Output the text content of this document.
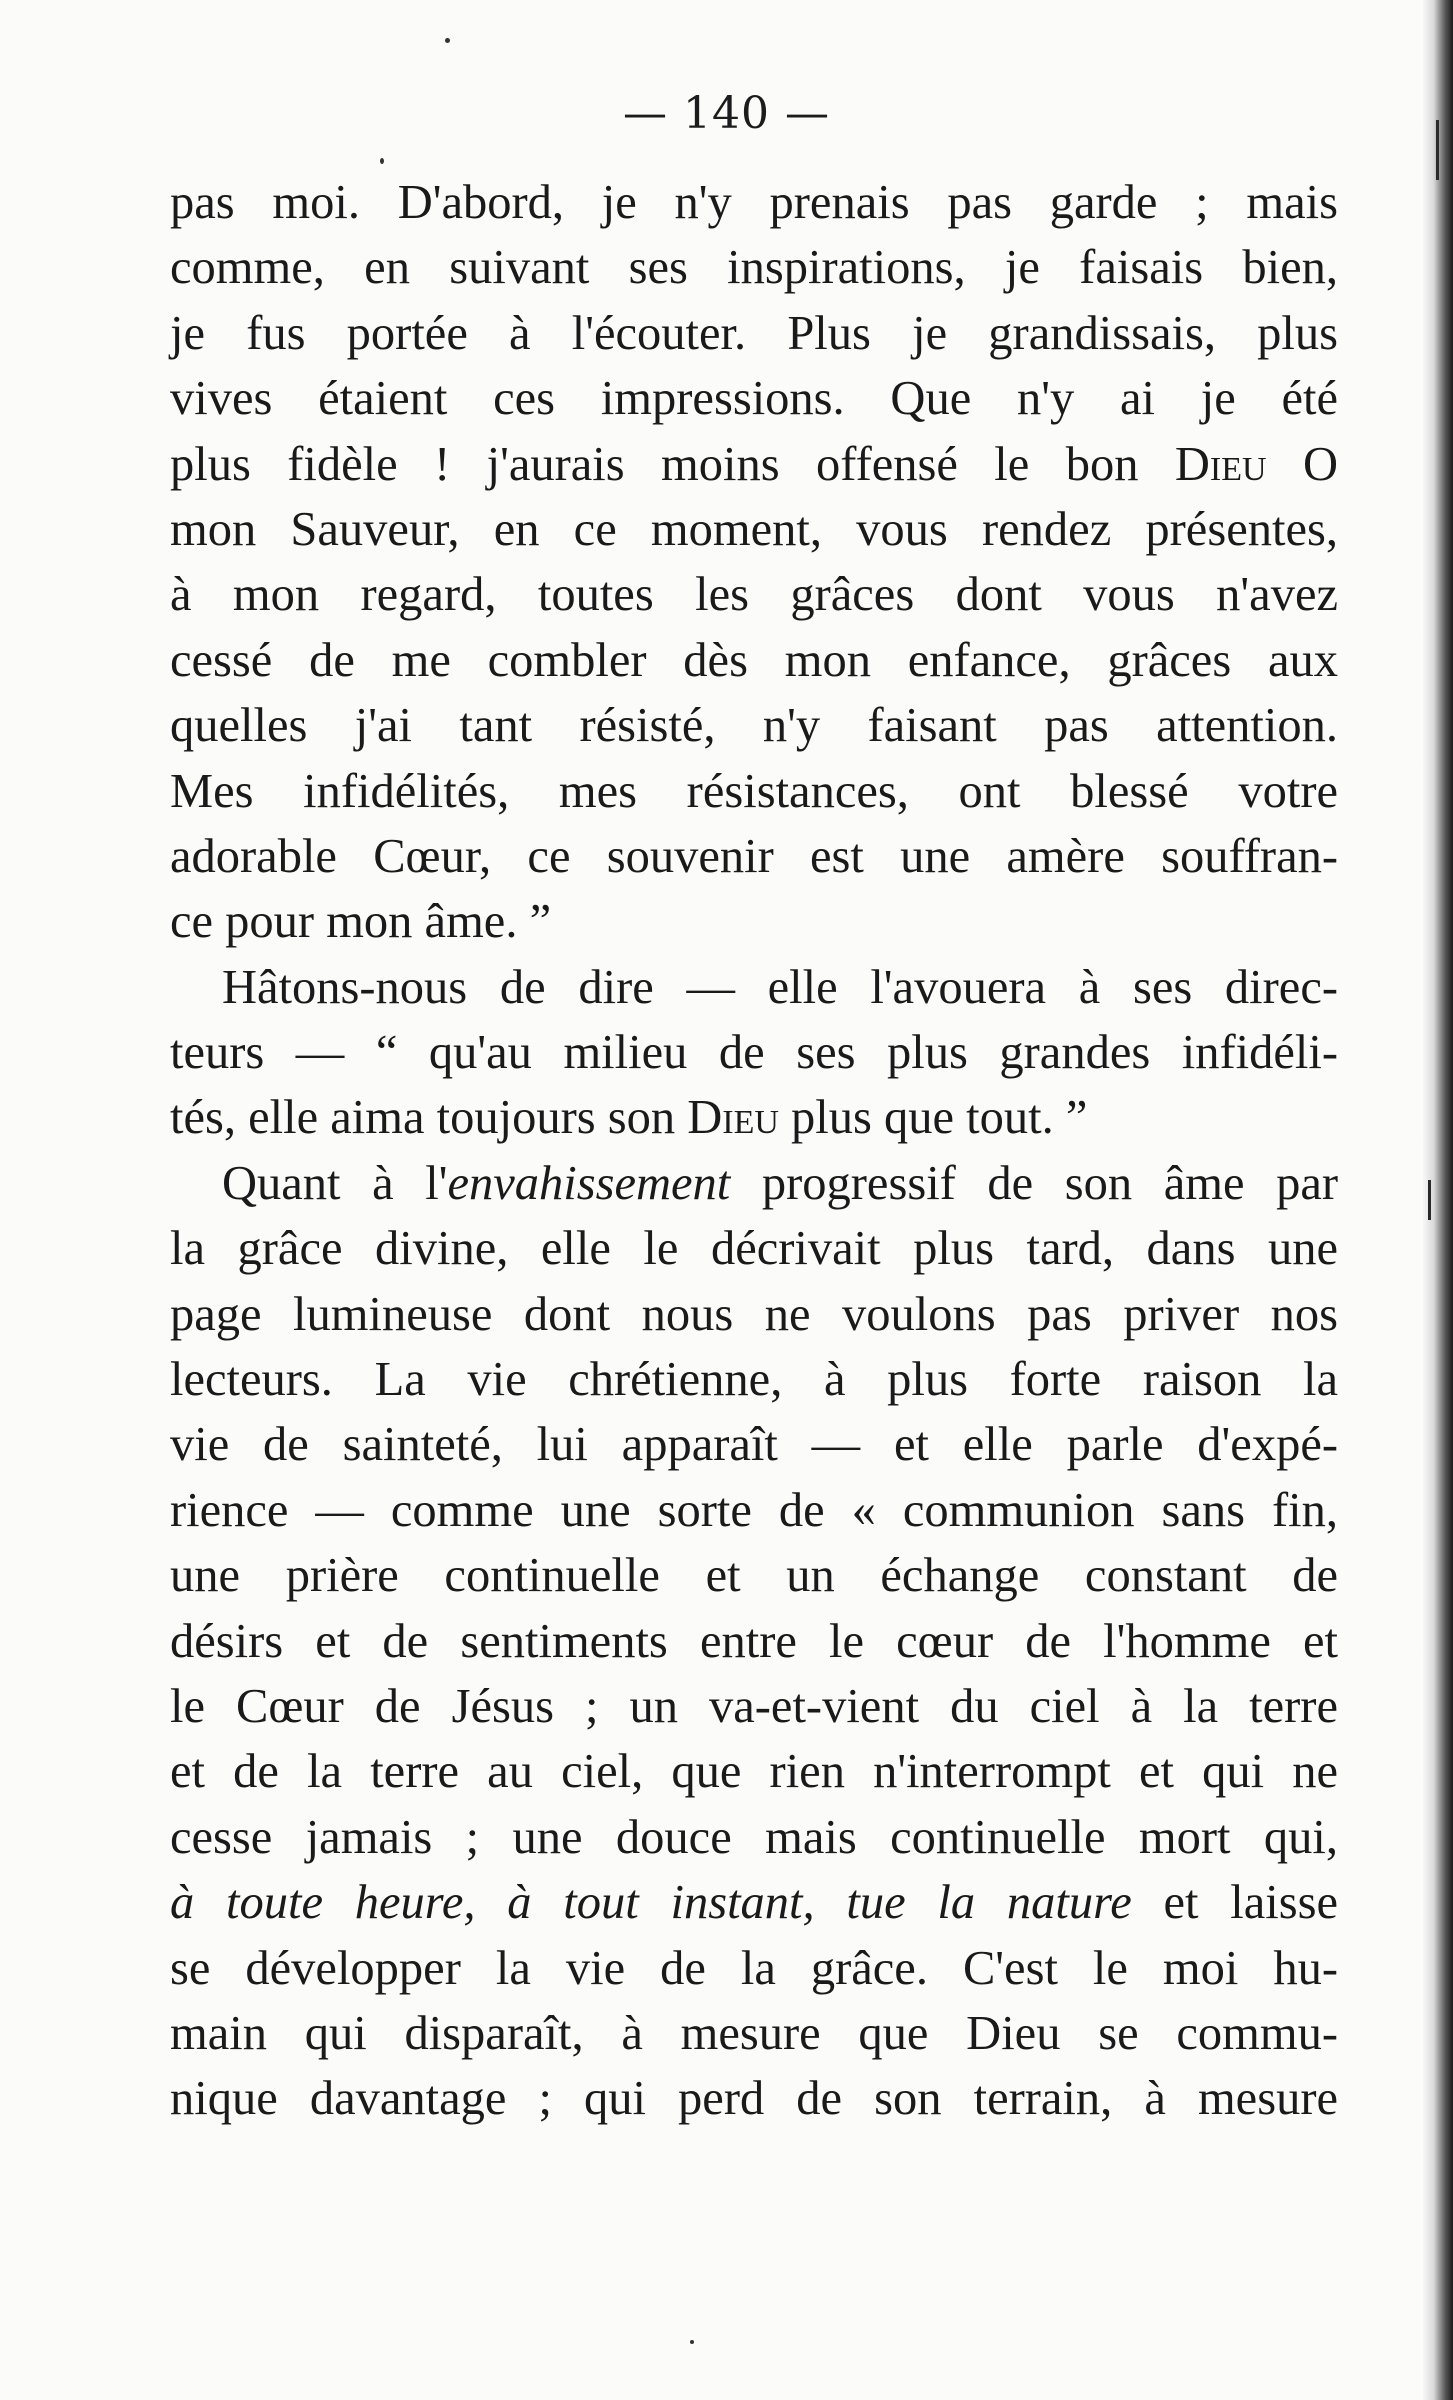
— 140 —
pas moi. D'abord, je n'y prenais pas garde ; mais
comme, en suivant ses inspirations, je faisais bien,
je fus portée à l'écouter. Plus je grandissais, plus
vives étaient ces impressions. Que n'y ai je été
plus fidèle ! j'aurais moins offensé le bon Dieu O
mon Sauveur, en ce moment, vous rendez présentes,
à mon regard, toutes les grâces dont vous n'avez
cessé de me combler dès mon enfance, grâces aux
quelles j'ai tant résisté, n'y faisant pas attention.
Mes infidélités, mes résistances, ont blessé votre
adorable Cœur, ce souvenir est une amère souffran-
ce pour mon âme. ”
Hâtons-nous de dire — elle l'avouera à ses direc-
teurs — “ qu'au milieu de ses plus grandes infidéli-
tés, elle aima toujours son Dieu plus que tout. ”
Quant à l'envahissement progressif de son âme par
la grâce divine, elle le décrivait plus tard, dans une
page lumineuse dont nous ne voulons pas priver nos
lecteurs. La vie chrétienne, à plus forte raison la
vie de sainteté, lui apparaît — et elle parle d'expé-
rience — comme une sorte de « communion sans fin,
une prière continuelle et un échange constant de
désirs et de sentiments entre le cœur de l'homme et
le Cœur de Jésus ; un va-et-vient du ciel à la terre
et de la terre au ciel, que rien n'interrompt et qui ne
cesse jamais ; une douce mais continuelle mort qui,
à toute heure, à tout instant, tue la nature et laisse
se développer la vie de la grâce. C'est le moi hu-
main qui disparaît, à mesure que Dieu se commu-
nique davantage ; qui perd de son terrain, à mesure
